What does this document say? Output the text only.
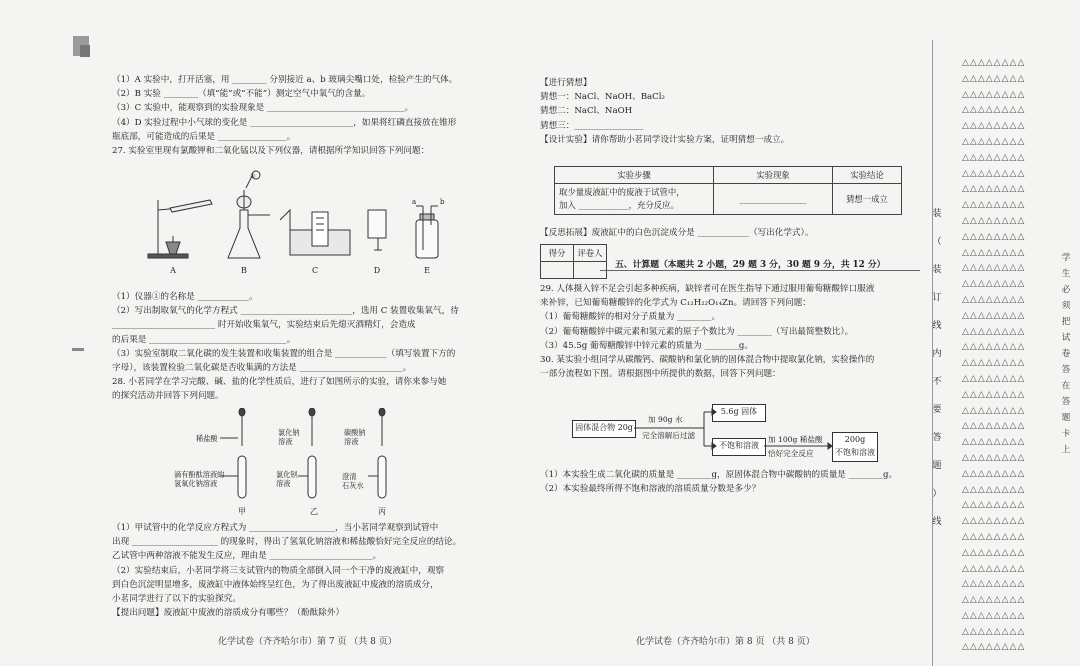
（1）A 实验中，打开活塞，用 ________ 分别接近 a、b 玻璃尖嘴口处，检验产生的气体。

（2）B 实验 ________（填“能”或“不能”）测定空气中氧气的含量。

（3）C 实验中，能观察到的实验现象是 ________________________________。

（4）D 实验过程中小气球的变化是 ________________________，如果将红磷直接放在锥形

瓶底部，可能造成的后果是 ________________。

27. 实验室里现有氯酸钾和二氧化锰以及下列仪器，请根据所学知识回答下列问题：

①
a	b
A	B	C	D	E

（1）仪器①的名称是 ____________。

（2）写出制取氧气的化学方程式 __________________________，选用 C 装置收集氧气，待

________________________ 时开始收集氧气，实验结束后先熄灭酒精灯，会造成

的后果是 ________________________________。

（3）实验室制取二氧化碳的发生装置和收集装置的组合是 ____________（填写装置下方的

字母），该装置检验二氧化碳是否收集满的方法是 ________________________。

28. 小茗同学在学习完酸、碱、盐的化学性质后，进行了如图所示的实验，请你来参与她

的探究活动并回答下列问题。

稀盐酸
滴有酚酞溶液的
氢氧化钠溶液
氯化钠
溶液
氯化钡
溶液
碳酸钠
溶液
澄清
石灰水
甲	乙	丙

（1）甲试管中的化学反应方程式为 ____________________，当小茗同学观察到试管中

出现 ____________________ 的现象时，得出了氢氧化钠溶液和稀盐酸恰好完全反应的结论。

乙试管中两种溶液不能发生反应，理由是 ________________________。

（2）实验结束后，小茗同学将三支试管内的物质全部倒入同一个干净的废液缸中，观察

到白色沉淀明显增多，废液缸中液体始终呈红色，为了得出废液缸中废液的溶质成分，

小茗同学进行了以下的实验探究。

【提出问题】废液缸中废液的溶质成分有哪些？（酚酞除外）

化学试卷（齐齐哈尔市）第 7 页 （共 8 页）

【进行猜想】

猜想一：NaCl、NaOH、BaCl₂

猜想二：NaCl、NaOH

猜想三：________________

【设计实验】请你帮助小茗同学设计实验方案，证明猜想一成立。

实验步骤	实验现象	实验结论
取少量废液缸中的废液于试管中，
加入 ____________，充分反应。	________________	猜想一成立

【反思拓展】废液缸中的白色沉淀成分是 ____________（写出化学式）。

得分	评卷人

五、计算题（本题共 2 小题，29 题 3 分，30 题 9 分，共 12 分）

29. 人体摄入锌不足会引起多种疾病，缺锌者可在医生指导下通过服用葡萄糖酸锌口服液

来补锌，已知葡萄糖酸锌的化学式为 C₁₂H₂₂O₁₄Zn。请回答下列问题：

（1）葡萄糖酸锌的相对分子质量为 ________。

（2）葡萄糖酸锌中碳元素和氢元素的原子个数比为 ________（写出最简整数比）。

（3）45.5g 葡萄糖酸锌中锌元素的质量为 ________g。

30. 某实验小组同学从碳酸钙、碳酸钠和氯化钠的固体混合物中提取氯化钠，实验操作的

一部分流程如下图。请根据图中所提供的数据，回答下列问题：

固体混合物 20g
加 90g 水
完全溶解后过滤
5.6g 固体
不饱和溶液
加 100g 稀盐酸
恰好完全反应
200g
不饱和溶液

（1）本实验生成二氧化碳的质量是 ________g，原固体混合物中碳酸钠的质量是 ________g。

（2）本实验最终所得不饱和溶液的溶质质量分数是多少？

化学试卷（齐齐哈尔市）第 8 页 （共 8 页）
装
（
装
订
线
内
不
要
答
题
）
线
△△△△△△△△
△△△△△△△△
△△△△△△△△
△△△△△△△△
△△△△△△△△
△△△△△△△△
△△△△△△△△
△△△△△△△△
△△△△△△△△
△△△△△△△△
△△△△△△△△
△△△△△△△△
△△△△△△△△
△△△△△△△△
△△△△△△△△
△△△△△△△△
△△△△△△△△
△△△△△△△△
△△△△△△△△
△△△△△△△△
△△△△△△△△
△△△△△△△△
△△△△△△△△
△△△△△△△△
△△△△△△△△
△△△△△△△△
△△△△△△△△
△△△△△△△△
△△△△△△△△
△△△△△△△△
△△△△△△△△
△△△△△△△△
△△△△△△△△
△△△△△△△△
△△△△△△△△
△△△△△△△△
△△△△△△△△
△△△△△△△△
学生必须把试卷答在答题卡上
